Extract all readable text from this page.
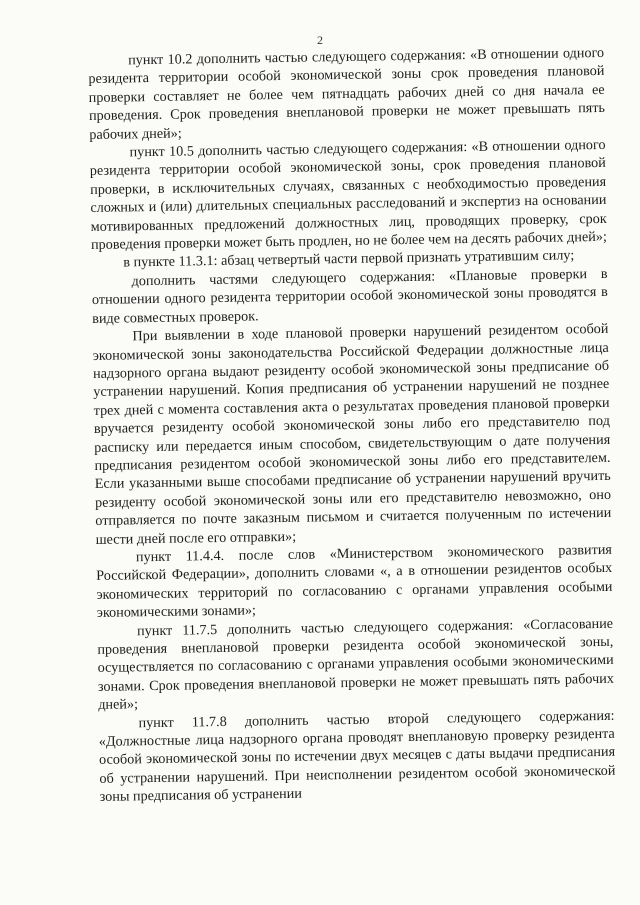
2

пункт 10.2 дополнить частью следующего содержания: «В отношении одного резидента территории особой экономической зоны срок проведения плановой проверки составляет не более чем пятнадцать рабочих дней со дня начала ее проведения. Срок проведения внеплановой проверки не может превышать пять рабочих дней»;

пункт 10.5 дополнить частью следующего содержания: «В отношении одного резидента территории особой экономической зоны, срок проведения плановой проверки, в исключительных случаях, связанных с необходимостью проведения сложных и (или) длительных специальных расследований и экспертиз на основании мотивированных предложений должностных лиц, проводящих проверку, срок проведения проверки может быть продлен, но не более чем на десять рабочих дней»;

в пункте 11.3.1: абзац четвертый части первой признать утратившим силу;

дополнить частями следующего содержания: «Плановые проверки в отношении одного резидента территории особой экономической зоны проводятся в виде совместных проверок.

При выявлении в ходе плановой проверки нарушений резидентом особой экономической зоны законодательства Российской Федерации должностные лица надзорного органа выдают резиденту особой экономической зоны предписание об устранении нарушений. Копия предписания об устранении нарушений не позднее трех дней с момента составления акта о результатах проведения плановой проверки вручается резиденту особой экономической зоны либо его представителю под расписку или передается иным способом, свидетельствующим о дате получения предписания резидентом особой экономической зоны либо его представителем. Если указанными выше способами предписание об устранении нарушений вручить резиденту особой экономической зоны или его представителю невозможно, оно отправляется по почте заказным письмом и считается полученным по истечении шести дней после его отправки»;

пункт 11.4.4. после слов «Министерством экономического развития Российской Федерации», дополнить словами «, а в отношении резидентов особых экономических территорий по согласованию с органами управления особыми экономическими зонами»;

пункт 11.7.5 дополнить частью следующего содержания: «Согласование проведения внеплановой проверки резидента особой экономической зоны, осуществляется по согласованию с органами управления особыми экономическими зонами. Срок проведения внеплановой проверки не может превышать пять рабочих дней»;

пункт 11.7.8 дополнить частью второй следующего содержания: «Должностные лица надзорного органа проводят внеплановую проверку резидента особой экономической зоны по истечении двух месяцев с даты выдачи предписания об устранении нарушений. При неисполнении резидентом особой экономической зоны предписания об устранении
